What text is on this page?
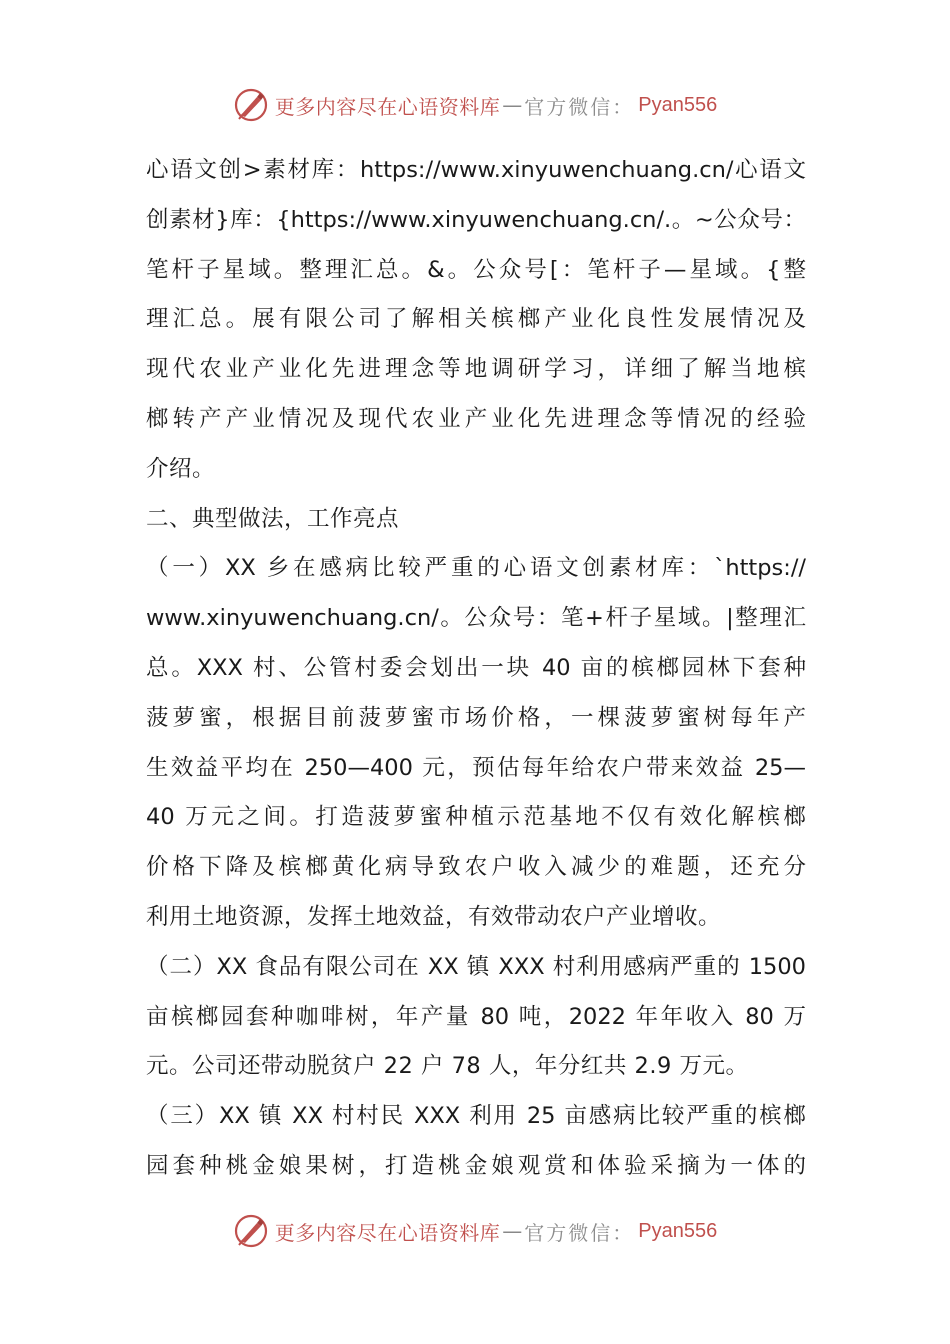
更多内容尽在心语资料库 — 官方微信： Pyan556
心语文创>素材库：https://www.xinyuwenchuang.cn/心语文
创素材}库：{https://www.xinyuwenchuang.cn/.。~公众号：
笔杆子星域。整理汇总。&。公众号[：笔杆子—星域。{整
理汇总。展有限公司了解相关槟榔产业化良性发展情况及
现代农业产业化先进理念等地调研学习，详细了解当地槟
榔转产产业情况及现代农业产业化先进理念等情况的经验
介绍。
二、典型做法，工作亮点
（一）XX 乡在感病比较严重的心语文创素材库：`https://
www.xinyuwenchuang.cn/。公众号：笔+杆子星域。|整理汇
总。XXX 村、公管村委会划出一块 40 亩的槟榔园林下套种
菠萝蜜，根据目前菠萝蜜市场价格，一棵菠萝蜜树每年产
生效益平均在 250—400 元，预估每年给农户带来效益 25—
40 万元之间。打造菠萝蜜种植示范基地不仅有效化解槟榔
价格下降及槟榔黄化病导致农户收入减少的难题，还充分
利用土地资源，发挥土地效益，有效带动农户产业增收。
（二）XX 食品有限公司在 XX 镇 XXX 村利用感病严重的 1500
亩槟榔园套种咖啡树，年产量 80 吨，2022 年年收入 80 万
元。公司还带动脱贫户 22 户 78 人，年分红共 2.9 万元。
（三）XX 镇 XX 村村民 XXX 利用 25 亩感病比较严重的槟榔
园套种桃金娘果树，打造桃金娘观赏和体验采摘为一体的
更多内容尽在心语资料库 — 官方微信： Pyan556
